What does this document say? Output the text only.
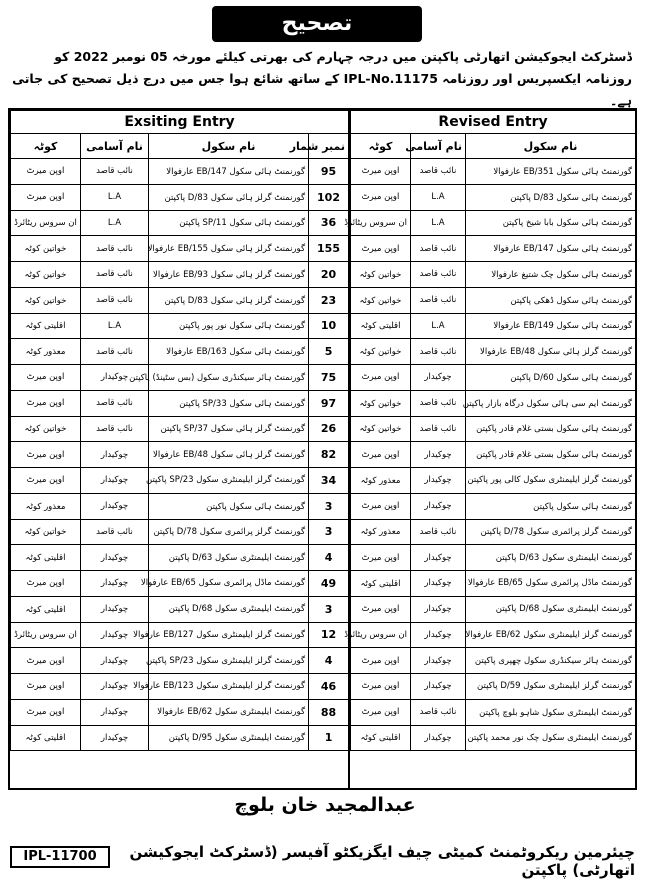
تصحیح
ڈسٹرکٹ ایجوکیشن اتھارٹی پاکپتن میں درجہ چہارم کی بھرتی کیلئے مورخہ 05 نومبر 2022 کو روزنامہ ایکسپریس اور روزنامہ IPL-No.11175 کے ساتھ شائع ہوا جس میں درج ذیل تصحیح کی جاتی ہے۔
Exsiting Entry			
کوٹہ	نام آسامی	نام سکول	نمبر شمار
اوپن میرٹ	نائب قاصد	گورنمنٹ ہائی سکول 147/EB عارفوالا	95
اوپن میرٹ	L.A	گورنمنٹ گرلز ہائی سکول 83/D پاکپتن	102
ان سروس ریٹائرڈ	L.A	گورنمنٹ ہائی سکول 11/SP پاکپتن	36
خواتین کوٹہ	نائب قاصد	گورنمنٹ گرلز ہائی سکول 155/EB عارفوالا	155
خواتین کوٹہ	نائب قاصد	گورنمنٹ گرلز ہائی سکول 93/EB عارفوالا	20
خواتین کوٹہ	نائب قاصد	گورنمنٹ گرلز ہائی سکول 83/D پاکپتن	23
اقلیتی کوٹہ	L.A	گورنمنٹ ہائی سکول نور پور پاکپتن	10
معذور کوٹہ	نائب قاصد	گورنمنٹ ہائی سکول 163/EB عارفوالا	5
اوپن میرٹ	چوکیدار	گورنمنٹ ہائر سیکنڈری سکول (بس سٹینڈ) پاکپتن	75
اوپن میرٹ	نائب قاصد	گورنمنٹ ہائی سکول 33/SP پاکپتن	97
خواتین کوٹہ	نائب قاصد	گورنمنٹ گرلز ہائی سکول 37/SP پاکپتن	26
اوپن میرٹ	چوکیدار	گورنمنٹ گرلز ہائی سکول 48/EB عارفوالا	82
اوپن میرٹ	چوکیدار	گورنمنٹ گرلز ایلیمنٹری سکول 23/SP پاکپتن	34
معذور کوٹہ	چوکیدار	گورنمنٹ ہائی سکول پاکپتن	3
خواتین کوٹہ	نائب قاصد	گورنمنٹ گرلز پرائمری سکول 78/D پاکپتن	3
اقلیتی کوٹہ	چوکیدار	گورنمنٹ ایلیمنٹری سکول 63/D پاکپتن	4
اوپن میرٹ	چوکیدار	گورنمنٹ ماڈل پرائمری سکول 65/EB عارفوالا	49
اقلیتی کوٹہ	چوکیدار	گورنمنٹ ایلیمنٹری سکول 68/D پاکپتن	3
ان سروس ریٹائرڈ	چوکیدار	گورنمنٹ گرلز ایلیمنٹری سکول 127/EB عارفوالا	12
اوپن میرٹ	چوکیدار	گورنمنٹ گرلز ایلیمنٹری سکول 23/SP پاکپتن	4
اوپن میرٹ	چوکیدار	گورنمنٹ گرلز ایلیمنٹری سکول 123/EB عارفوالا	46
اوپن میرٹ	چوکیدار	گورنمنٹ ایلیمنٹری سکول 62/EB عارفوالا	88
اقلیتی کوٹہ	چوکیدار	گورنمنٹ ایلیمنٹری سکول 95/D پاکپتن	1
Revised Entry		
کوٹہ	نام آسامی	نام سکول
اوپن میرٹ	نائب قاصد	گورنمنٹ ہائی سکول 351/EB عارفوالا
اوپن میرٹ	L.A	گورنمنٹ ہائی سکول 83/D پاکپتن
ان سروس ریٹائرڈ	L.A	گورنمنٹ ہائی سکول بابا شیخ پاکپتن
اوپن میرٹ	نائب قاصد	گورنمنٹ ہائی سکول 147/EB عارفوالا
خواتین کوٹہ	نائب قاصد	گورنمنٹ ہائی سکول چک شتیغ عارفوالا
خواتین کوٹہ	نائب قاصد	گورنمنٹ ہائی سکول ڈھکی پاکپتن
اقلیتی کوٹہ	L.A	گورنمنٹ ہائی سکول 149/EB عارفوالا
خواتین کوٹہ	نائب قاصد	گورنمنٹ گرلز ہائی سکول 48/EB عارفوالا
اوپن میرٹ	چوکیدار	گورنمنٹ ہائی سکول 60/D پاکپتن
خواتین کوٹہ	نائب قاصد	گورنمنٹ ایم سی ہائی سکول درگاہ بازار پاکپتن
خواتین کوٹہ	نائب قاصد	گورنمنٹ ہائی سکول بستی غلام قادر پاکپتن
اوپن میرٹ	چوکیدار	گورنمنٹ ہائی سکول بستی غلام قادر پاکپتن
معذور کوٹہ	چوکیدار	گورنمنٹ گرلز ایلیمنٹری سکول کالی پور پاکپتن
اوپن میرٹ	چوکیدار	گورنمنٹ ہائی سکول پاکپتن
معذور کوٹہ	نائب قاصد	گورنمنٹ گرلز پرائمری سکول 78/D پاکپتن
اوپن میرٹ	چوکیدار	گورنمنٹ ایلیمنٹری سکول 63/D پاکپتن
اقلیتی کوٹہ	چوکیدار	گورنمنٹ ماڈل پرائمری سکول 65/EB عارفوالا
اوپن میرٹ	چوکیدار	گورنمنٹ ایلیمنٹری سکول 68/D پاکپتن
ان سروس ریٹائرڈ	چوکیدار	گورنمنٹ گرلز ایلیمنٹری سکول 62/EB عارفوالا
اوپن میرٹ	چوکیدار	گورنمنٹ ہائر سیکنڈری سکول چھپری پاکپتن
اوپن میرٹ	چوکیدار	گورنمنٹ گرلز ایلیمنٹری سکول 59/D پاکپتن
اوپن میرٹ	نائب قاصد	گورنمنٹ ایلیمنٹری سکول شاہو بلوچ پاکپتن
اقلیتی کوٹہ	چوکیدار	گورنمنٹ ایلیمنٹری سکول چک نور محمد پاکپتن
عبدالمجید خان بلوچ
چیئرمین ریکروٹمنٹ کمیٹی چیف ایگزیکٹو آفیسر (ڈسٹرکٹ ایجوکیشن اتھارٹی) پاکپتن
IPL-11700
